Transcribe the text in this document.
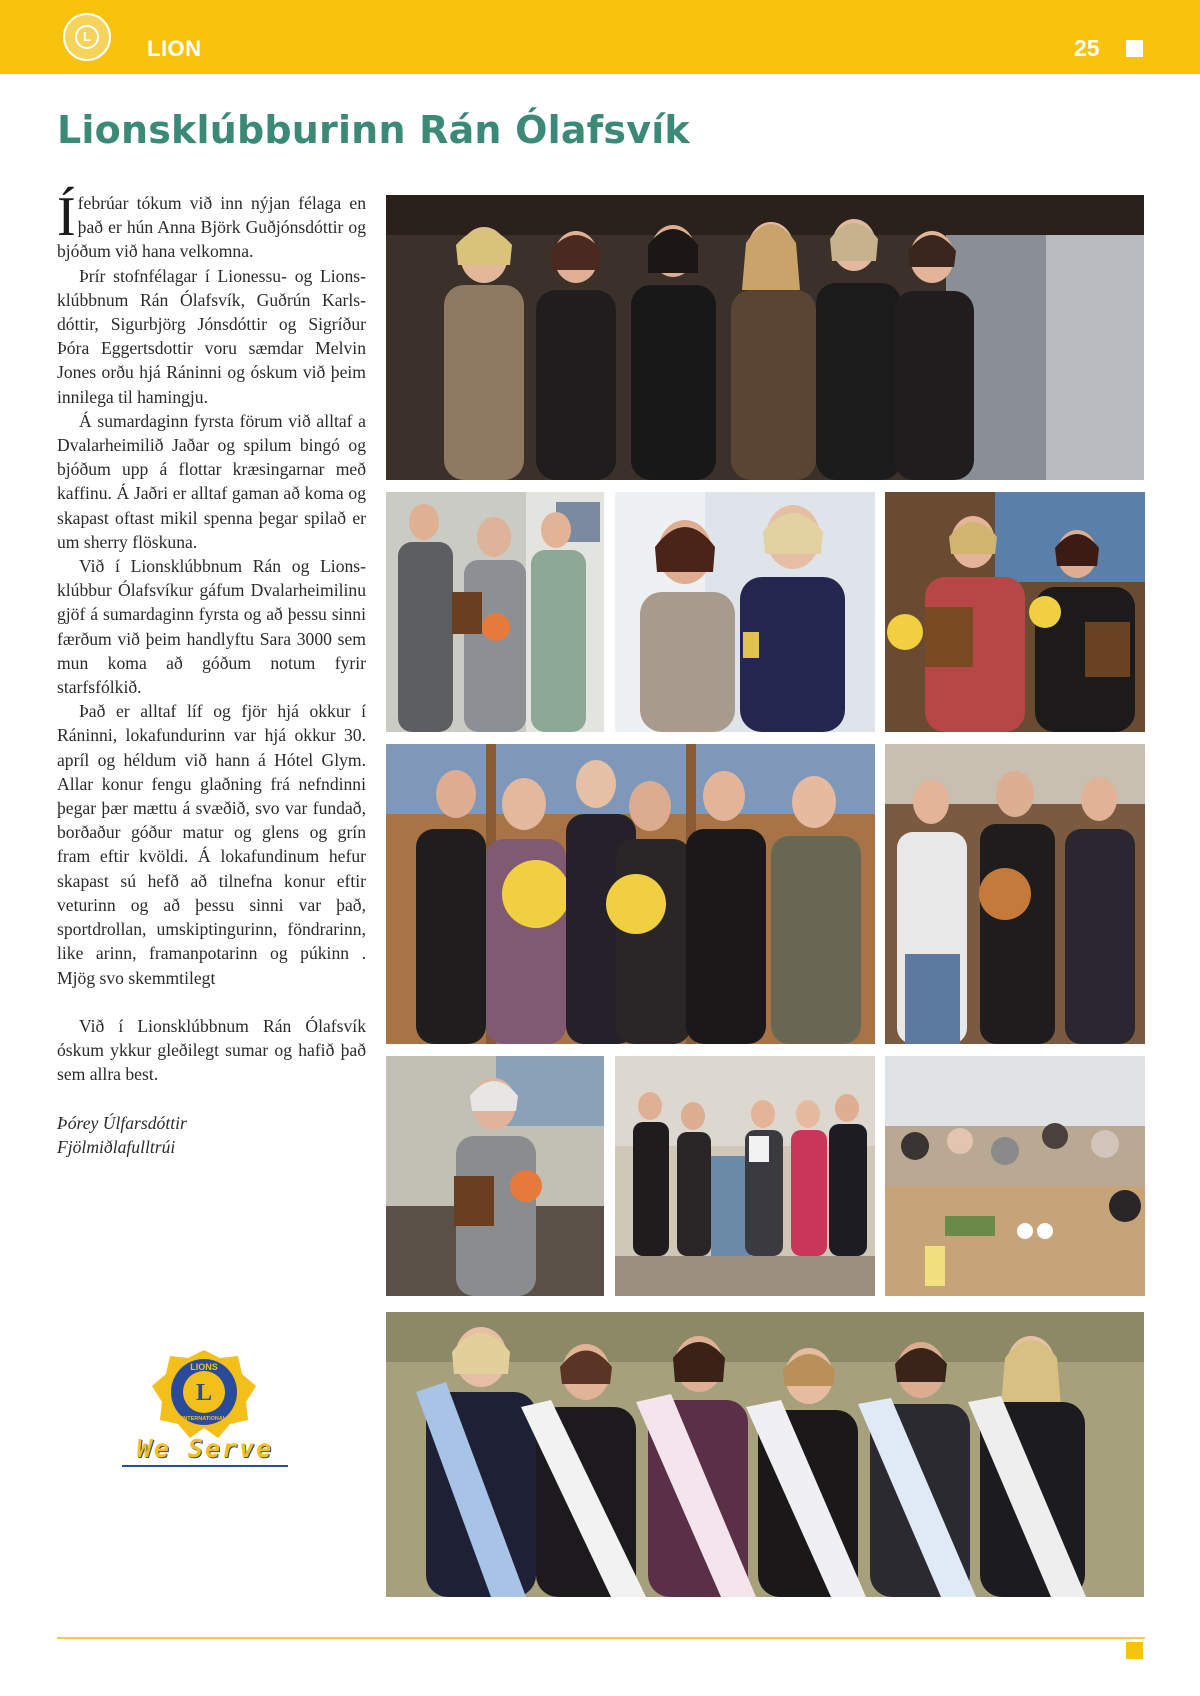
L	LION	25
Lionsklúbburinn Rán Ólafsvík

Ífebrúar tókum við inn nýjan félaga en það er hún Anna Björk Guðjónsdóttir og bjóðum við hana velkomna.

Þrír stofnfélagar í Lionessu- og Lionsklúbbnum Rán Ólafsvík, Guðrún Karlsdóttir, Sigurbjörg Jónsdóttir og Sigríður Þóra Eggertsdottir voru sæmdar Melvin Jones orðu hjá Ráninni og óskum við þeim innilega til hamingju.

Á sumardaginn fyrsta förum við alltaf a Dvalarheimilið Jaðar og spilum bingó og bjóðum upp á flottar kræsingarnar með kaffinu. Á Jaðri er alltaf gaman að koma og skapast oftast mikil spenna þegar spilað er um sherry flöskuna.

Við í Lionsklúbbnum Rán og Lionsklúbbur Ólafsvíkur gáfum Dvalarheimilinu gjöf á sumardaginn fyrsta og að þessu sinni færðum við þeim handlyftu Sara 3000 sem mun koma að góðum notum fyrir starfsfólkið.

Það er alltaf líf og fjör hjá okkur í Ráninni, lokafundurinn var hjá okkur 30. apríl og héldum við hann á Hótel Glym. Allar konur fengu glaðning frá nefndinni þegar þær mættu á svæðið, svo var fundað, borðaður góður matur og glens og grín fram eftir kvöldi. Á lokafundinum hefur skapast sú hefð að tilnefna konur eftir veturinn og að þessu sinni var það, sportdrollan, umskiptingurinn, föndrarinn, like arinn, framanpotarinn og púkinn . Mjög svo skemmtilegt

Við í Lionsklúbbnum Rán Ólafsvík óskum ykkur gleðilegt sumar og hafið það sem allra best.

Þórey Úlfarsdóttir
Fjölmiðlafulltrúi
L
LIONS
INTERNATIONAL
We Serve
